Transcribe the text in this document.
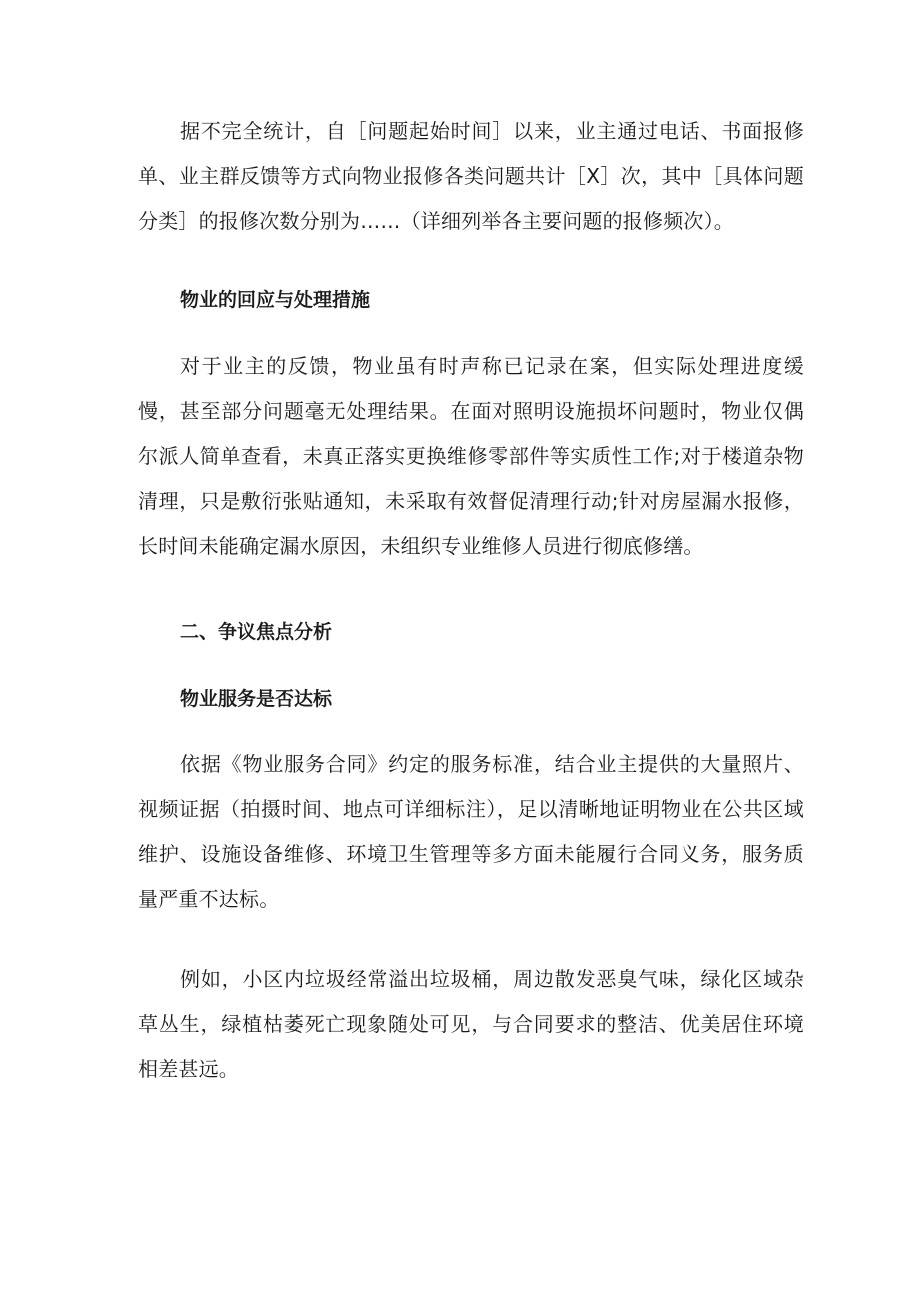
据不完全统计，自［问题起始时间］以来，业主通过电话、书面报修单、业主群反馈等方式向物业报修各类问题共计［X］次，其中［具体问题分类］的报修次数分别为……（详细列举各主要问题的报修频次）。
物业的回应与处理措施
对于业主的反馈，物业虽有时声称已记录在案，但实际处理进度缓慢，甚至部分问题毫无处理结果。在面对照明设施损坏问题时，物业仅偶尔派人简单查看，未真正落实更换维修零部件等实质性工作;对于楼道杂物清理，只是敷衍张贴通知，未采取有效督促清理行动;针对房屋漏水报修，长时间未能确定漏水原因，未组织专业维修人员进行彻底修缮。
二、争议焦点分析
物业服务是否达标
依据《物业服务合同》约定的服务标准，结合业主提供的大量照片、视频证据（拍摄时间、地点可详细标注），足以清晰地证明物业在公共区域维护、设施设备维修、环境卫生管理等多方面未能履行合同义务，服务质量严重不达标。
例如，小区内垃圾经常溢出垃圾桶，周边散发恶臭气味，绿化区域杂草丛生，绿植枯萎死亡现象随处可见，与合同要求的整洁、优美居住环境相差甚远。
